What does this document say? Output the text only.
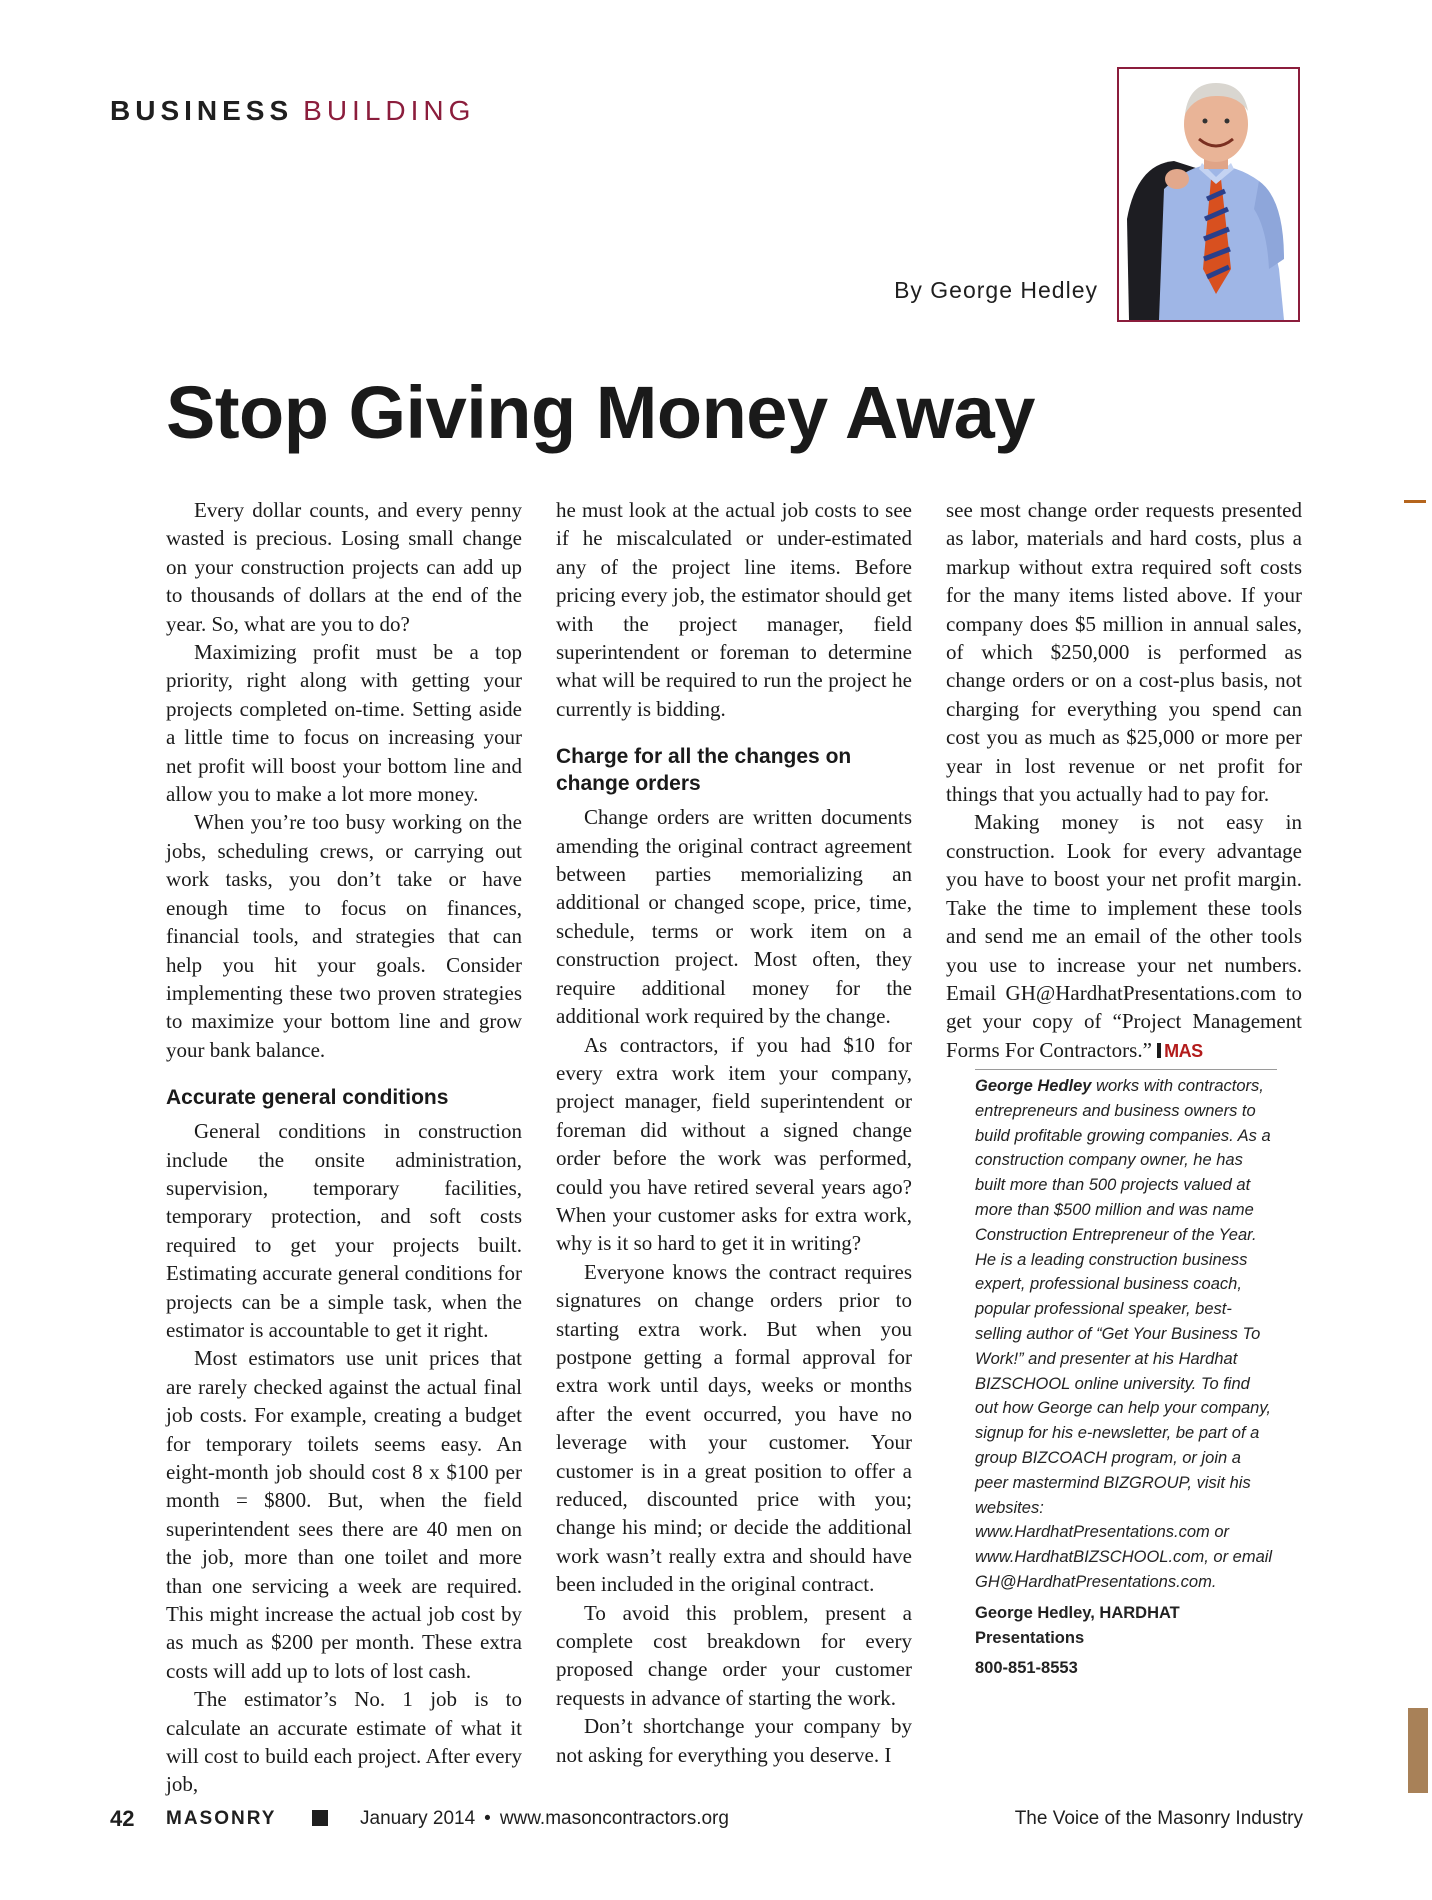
BUSINESS BUILDING
By George Hedley
Stop Giving Money Away

Every dollar counts, and every penny wasted is precious. Losing small change on your construction projects can add up to thousands of dollars at the end of the year. So, what are you to do?

Maximizing profit must be a top priority, right along with getting your projects completed on-time. Setting aside a little time to focus on increasing your net profit will boost your bottom line and allow you to make a lot more money.

When you’re too busy working on the jobs, scheduling crews, or carrying out work tasks, you don’t take or have enough time to focus on finances, financial tools, and strategies that can help you hit your goals. Consider implementing these two proven strategies to maximize your bottom line and grow your bank balance.

Accurate general conditions

General conditions in construction include the onsite administration, supervision, temporary facilities, temporary protection, and soft costs required to get your projects built. Estimating accurate general conditions for projects can be a simple task, when the estimator is accountable to get it right.

Most estimators use unit prices that are rarely checked against the actual final job costs. For example, creating a budget for temporary toilets seems easy. An eight-month job should cost 8 x $100 per month = $800. But, when the field superintendent sees there are 40 men on the job, more than one toilet and more than one servicing a week are required. This might increase the actual job cost by as much as $200 per month. These extra costs will add up to lots of lost cash.

The estimator’s No. 1 job is to calculate an accurate estimate of what it will cost to build each project. After every job,

he must look at the actual job costs to see if he miscalculated or under-estimated any of the project line items. Before pricing every job, the estimator should get with the project manager, field superintendent or foreman to determine what will be required to run the project he currently is bidding.

Charge for all the changes on change orders

Change orders are written documents amending the original contract agreement between parties memorializing an additional or changed scope, price, time, schedule, terms or work item on a construction project. Most often, they require additional money for the additional work required by the change.

As contractors, if you had $10 for every extra work item your company, project manager, field superintendent or foreman did without a signed change order before the work was performed, could you have retired several years ago? When your customer asks for extra work, why is it so hard to get it in writing?

Everyone knows the contract requires signatures on change orders prior to starting extra work. But when you postpone getting a formal approval for extra work until days, weeks or months after the event occurred, you have no leverage with your customer. Your customer is in a great position to offer a reduced, discounted price with you; change his mind; or decide the additional work wasn’t really extra and should have been included in the original contract.

To avoid this problem, present a complete cost breakdown for every proposed change order your customer requests in advance of starting the work.

Don’t shortchange your company by not asking for everything you deserve. I

see most change order requests presented as labor, materials and hard costs, plus a markup without extra required soft costs for the many items listed above. If your company does $5 million in annual sales, of which $250,000 is performed as change orders or on a cost-plus basis, not charging for everything you spend can cost you as much as $25,000 or more per year in lost revenue or net profit for things that you actually had to pay for.

Making money is not easy in construction. Look for every advantage you have to boost your net profit margin. Take the time to implement these tools and send me an email of the other tools you use to increase your net numbers. Email GH@HardhatPresentations.com to get your copy of “Project Management Forms For Contractors.” MAS

George Hedley works with contractors, entrepreneurs and business owners to build profitable growing companies. As a construction company owner, he has built more than 500 projects valued at more than $500 million and was name Construction Entrepreneur of the Year. He is a leading construction business expert, professional business coach, popular professional speaker, best-selling author of “Get Your Business To Work!” and presenter at his Hardhat BIZSCHOOL online university. To find out how George can help your company, signup for his e-newsletter, be part of a group BIZCOACH program, or join a peer mastermind BIZGROUP, visit his websites: www.HardhatPresentations.com or www.HardhatBIZSCHOOL.com, or email GH@HardhatPresentations.com.
George Hedley, HARDHAT Presentations
800-851-8553
42 MASONRY	January 2014 • www.masoncontractors.org	The Voice of the Masonry Industry
